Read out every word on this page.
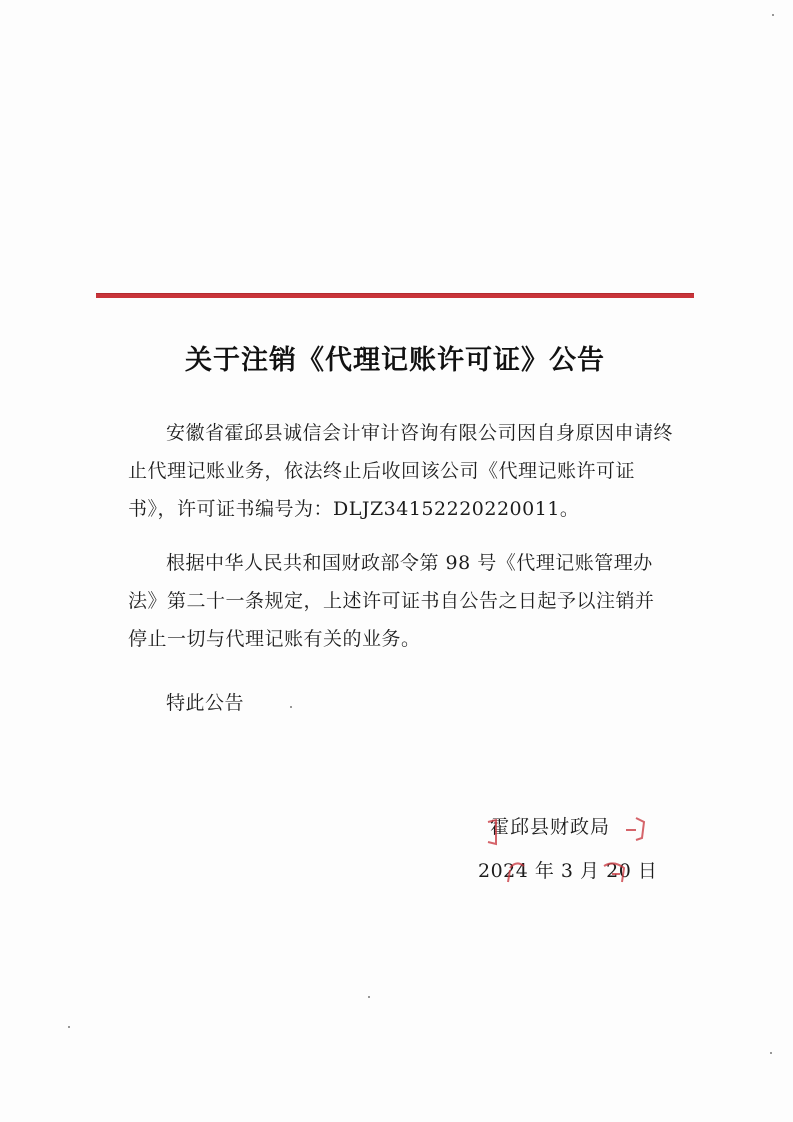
关于注销《代理记账许可证》公告

安徽省霍邱县诚信会计审计咨询有限公司因自身原因申请终止代理记账业务，依法终止后收回该公司《代理记账许可证书》，许可证书编号为：DLJZ34152220220011。

根据中华人民共和国财政部令第 98 号《代理记账管理办法》第二十一条规定，上述许可证书自公告之日起予以注销并停止一切与代理记账有关的业务。

特此公告
霍邱县财政局
2024 年 3 月 20 日
